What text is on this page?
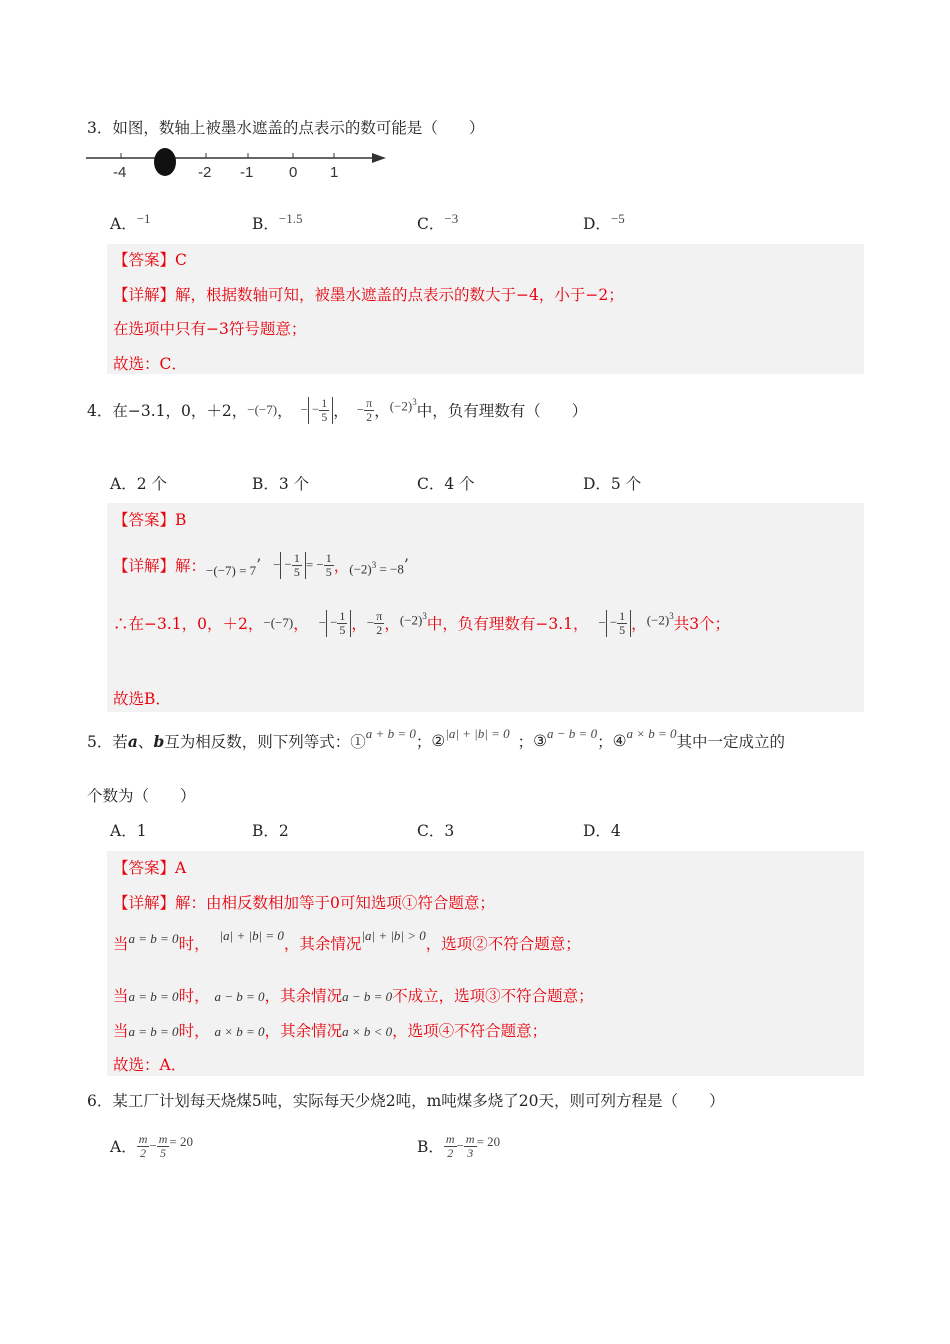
3．如图，数轴上被墨水遮盖的点表示的数可能是（　　）
-4	-2 -1 0 1
A．$^{-1}$	B．$^{-1.5}$	C．$^{-3}$	D．$^{-5}$
【答案】C
【详解】解，根据数轴可知，被墨水遮盖的点表示的数大于−4，小于−2；
在选项中只有−3符号题意；
故选：C．
4．在−3.1，0，＋2， −(−7) ， − − $\frac{1}{5}$ ， − $\frac{\pi}{2}$ ， $(-2)^3$ 中，负有理数有（　　）
A．2 个	B．3 个	C．4 个	D．5 个
【答案】B
【详解】 解： −(−7) = 7 ’ − − $\frac{1}{5}$ = − $\frac{1}{5}$ ， $(-2)^3 = -8$ ’
∴在−3.1，0，＋2， −(−7) ， − − $\frac{1}{5}$ ， − $\frac{\pi}{2}$ ， $(-2)^3$ 中，负有理数有−3.1， − − $\frac{1}{5}$ ， $(-2)^3$ 共3个；
故选B．
5．若 a 、 b 互为相反数，则下列等式：① a + b = 0 ； ② |a| + |b| = 0 ； ③ a − b = 0 ； ④ a × b = 0 其中一定成立的
个数为（　　）
A．1	B．2	C．3	D．4
【答案】A
【详解】解：由相反数相加等于0可知选项①符合题意；
当 a = b = 0 时， |a| + |b| = 0 ，其余情况 |a| + |b| > 0 ，选项②不符合题意；
当a = b = 0时， a − b = 0，其余情况a − b = 0不成立，选项③不符合题意；
当a = b = 0时， a × b = 0，其余情况a × b < 0，选项④不符合题意；
故选：A．
6．某工厂计划每天烧煤5吨，实际每天少烧2吨，m吨煤多烧了20天，则可列方程是（　　）
A． $\frac{m}{2} - \frac{m}{5} = 20$	B． $\frac{m}{2} - \frac{m}{3} = 20$
